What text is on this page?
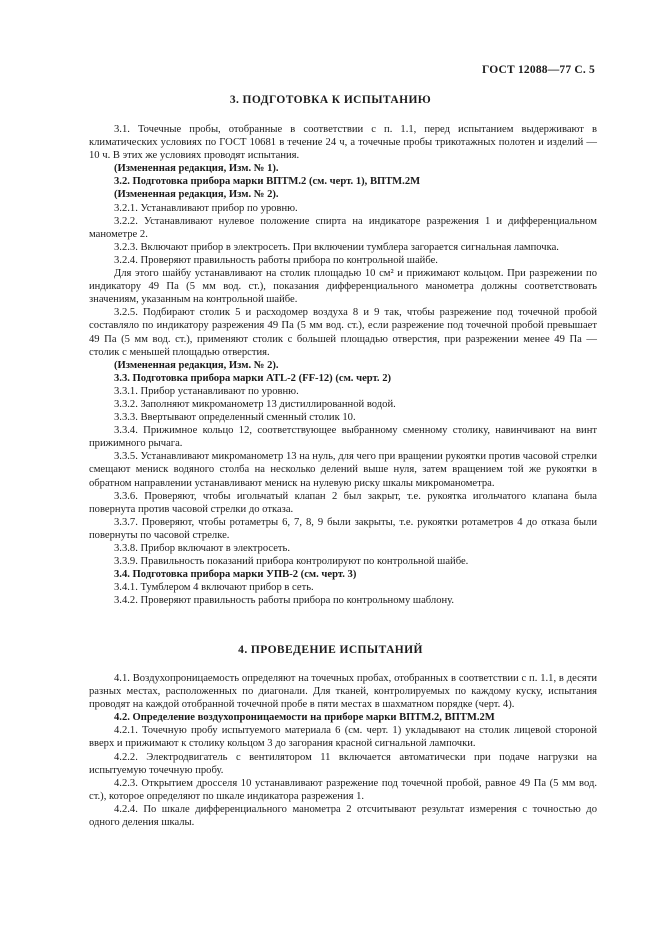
ГОСТ 12088—77 С. 5
3. ПОДГОТОВКА К ИСПЫТАНИЮ

3.1. Точечные пробы, отобранные в соответствии с п. 1.1, перед испытанием выдерживают в климатических условиях по ГОСТ 10681 в течение 24 ч, а точечные пробы трикотажных полотен и изделий — 10 ч. В этих же условиях проводят испытания.

(Измененная редакция, Изм. № 1).

3.2. Подготовка прибора марки ВПТМ.2 (см. черт. 1), ВПТМ.2М

(Измененная редакция, Изм. № 2).

3.2.1. Устанавливают прибор по уровню.

3.2.2. Устанавливают нулевое положение спирта на индикаторе разрежения 1 и дифференциальном манометре 2.

3.2.3. Включают прибор в электросеть. При включении тумблера загорается сигнальная лампочка.

3.2.4. Проверяют правильность работы прибора по контрольной шайбе.

Для этого шайбу устанавливают на столик площадью 10 см² и прижимают кольцом. При разрежении по индикатору 49 Па (5 мм вод. ст.), показания дифференциального манометра должны соответствовать значениям, указанным на контрольной шайбе.

3.2.5. Подбирают столик 5 и расходомер воздуха 8 и 9 так, чтобы разрежение под точечной пробой составляло по индикатору разрежения 49 Па (5 мм вод. ст.), если разрежение под точечной пробой превышает 49 Па (5 мм вод. ст.), применяют столик с большей площадью отверстия, при разрежении менее 49 Па — столик с меньшей площадью отверстия.

(Измененная редакция, Изм. № 2).

3.3. Подготовка прибора марки ATL-2 (FF-12) (см. черт. 2)

3.3.1. Прибор устанавливают по уровню.

3.3.2. Заполняют микроманометр 13 дистиллированной водой.

3.3.3. Ввертывают определенный сменный столик 10.

3.3.4. Прижимное кольцо 12, соответствующее выбранному сменному столику, навинчивают на винт прижимного рычага.

3.3.5. Устанавливают микроманометр 13 на нуль, для чего при вращении рукоятки против часовой стрелки смещают мениск водяного столба на несколько делений выше нуля, затем вращением той же рукоятки в обратном направлении устанавливают мениск на нулевую риску шкалы микроманометра.

3.3.6. Проверяют, чтобы игольчатый клапан 2 был закрыт, т.е. рукоятка игольчатого клапана была повернута против часовой стрелки до отказа.

3.3.7. Проверяют, чтобы ротаметры 6, 7, 8, 9 были закрыты, т.е. рукоятки ротаметров 4 до отказа были повернуты по часовой стрелке.

3.3.8. Прибор включают в электросеть.

3.3.9. Правильность показаний прибора контролируют по контрольной шайбе.

3.4. Подготовка прибора марки УПВ-2 (см. черт. 3)

3.4.1. Тумблером 4 включают прибор в сеть.

3.4.2. Проверяют правильность работы прибора по контрольному шаблону.

4. ПРОВЕДЕНИЕ ИСПЫТАНИЙ

4.1. Воздухопроницаемость определяют на точечных пробах, отобранных в соответствии с п. 1.1, в десяти разных местах, расположенных по диагонали. Для тканей, контролируемых по каждому куску, испытания проводят на каждой отобранной точечной пробе в пяти местах в шахматном порядке (черт. 4).

4.2. Определение воздухопроницаемости на приборе марки ВПТМ.2, ВПТМ.2М

4.2.1. Точечную пробу испытуемого материала 6 (см. черт. 1) укладывают на столик лицевой стороной вверх и прижимают к столику кольцом 3 до загорания красной сигнальной лампочки.

4.2.2. Электродвигатель с вентилятором 11 включается автоматически при подаче нагрузки на испытуемую точечную пробу.

4.2.3. Открытием дросселя 10 устанавливают разрежение под точечной пробой, равное 49 Па (5 мм вод. ст.), которое определяют по шкале индикатора разрежения 1.

4.2.4. По шкале дифференциального манометра 2 отсчитывают результат измерения с точностью до одного деления шкалы.
